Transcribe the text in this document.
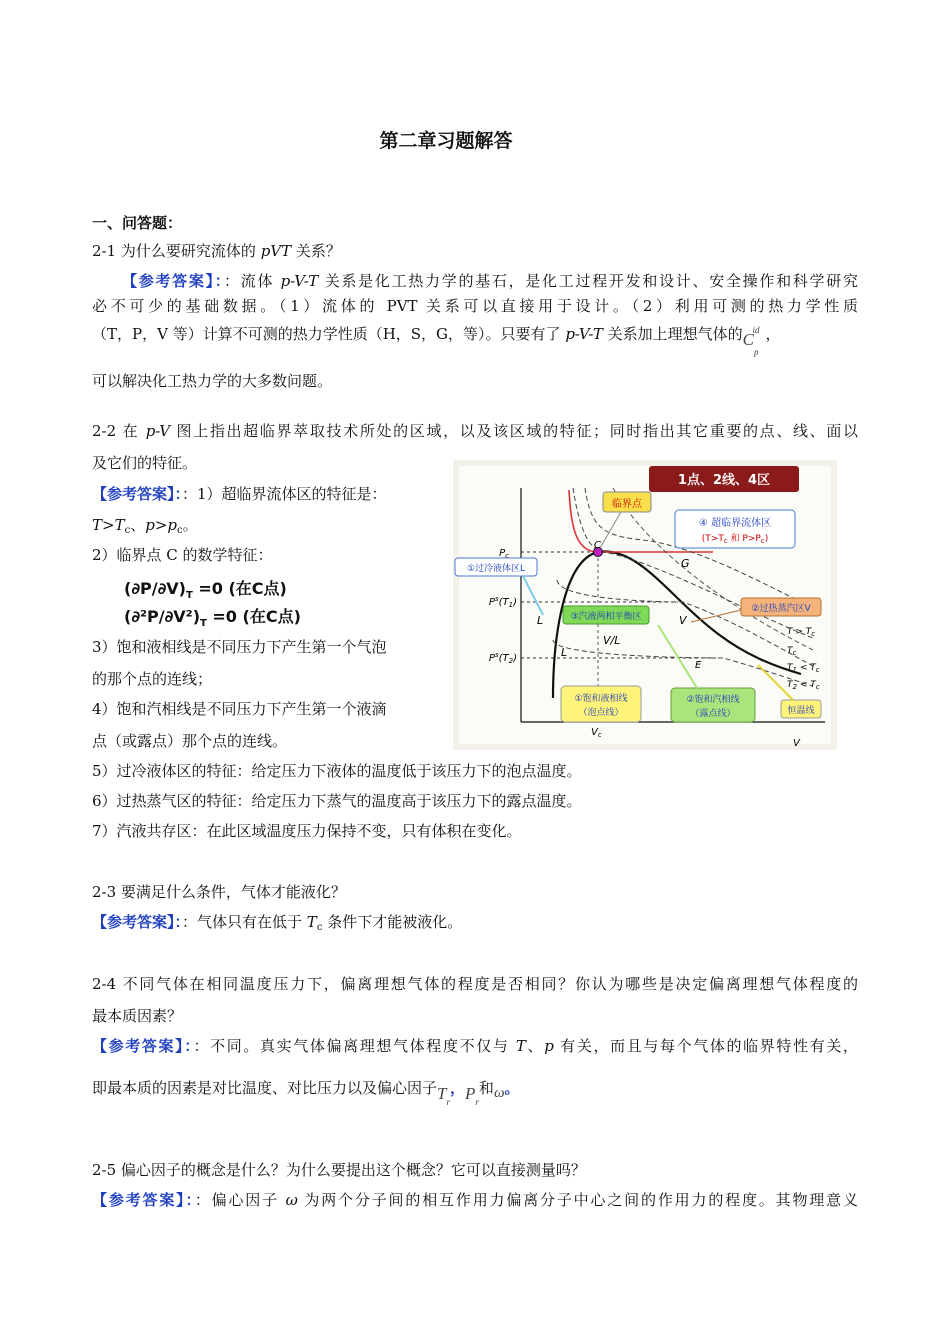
第二章习题解答
一、问答题：
2-1 为什么要研究流体的 pVT 关系？
【参考答案】：：流体 p-V-T 关系是化工热力学的基石，是化工过程开发和设计、安全操作和科学研究
必不可少的基础数据。（1）流体的 PVT 关系可以直接用于设计。（2）利用可测的热力学性质
（T，P，V 等）计算不可测的热力学性质（H，S，G，等）。只要有了 p-V-T 关系加上理想气体的$C_p^{id}$ ，
可以解决化工热力学的大多数问题。
2-2 在 p-V 图上指出超临界萃取技术所处的区域，以及该区域的特征；同时指出其它重要的点、线、面以
及它们的特征。
【参考答案】：：1）超临界流体区的特征是：
$T>T_c$、$p>p_c$。
2）临界点 C 的数学特征：
$(\partial P/\partial V)_T =0$ (在C点)
$(\partial^2P/\partial V^2)_T =0$ (在C点)
3）饱和液相线是不同压力下产生第一个气泡
的那个点的连线；
4）饱和汽相线是不同压力下产生第一个液滴
点（或露点）那个点的连线。
5）过冷液体区的特征：给定压力下液体的温度低于该压力下的泡点温度。
6）过热蒸气区的特征：给定压力下蒸气的温度高于该压力下的露点温度。
7）汽液共存区：在此区域温度压力保持不变，只有体积在变化。
2-3 要满足什么条件，气体才能液化？
【参考答案】：：气体只有在低于 $T_c$ 条件下才能被液化。
2-4 不同气体在相同温度压力下，偏离理想气体的程度是否相同？你认为哪些是决定偏离理想气体程度的
最本质因素？
【参考答案】：：不同。真实气体偏离理想气体程度不仅与 T、p 有关，而且与每个气体的临界特性有关，
即最本质的因素是对比温度、对比压力以及偏心因子$T_r$，$P_r$和ω。
2-5 偏心因子的概念是什么？为什么要提出这个概念？它可以直接测量吗？
【参考答案】：：偏心因子 ω 为两个分子间的相互作用力偏离分子中心之间的作用力的程度。其物理意义
1点、2线、4区
临界点
④ 超临界流体区
($T>T_c$ 和 $P>P_c$)
①过冷液体区L
③汽液两相平衡区
②过热蒸汽区V
①饱和液相线
（泡点线）
②饱和汽相线
（露点线）	恒温线
$P_c$
$P^s(T_1)$
$P^s(T_2)$
C
G
L
L
V
V/L
E
$V_c$
V
$T > T_c$
$T_c$
$T_1 < T_c$
$T_2 < T_c$
